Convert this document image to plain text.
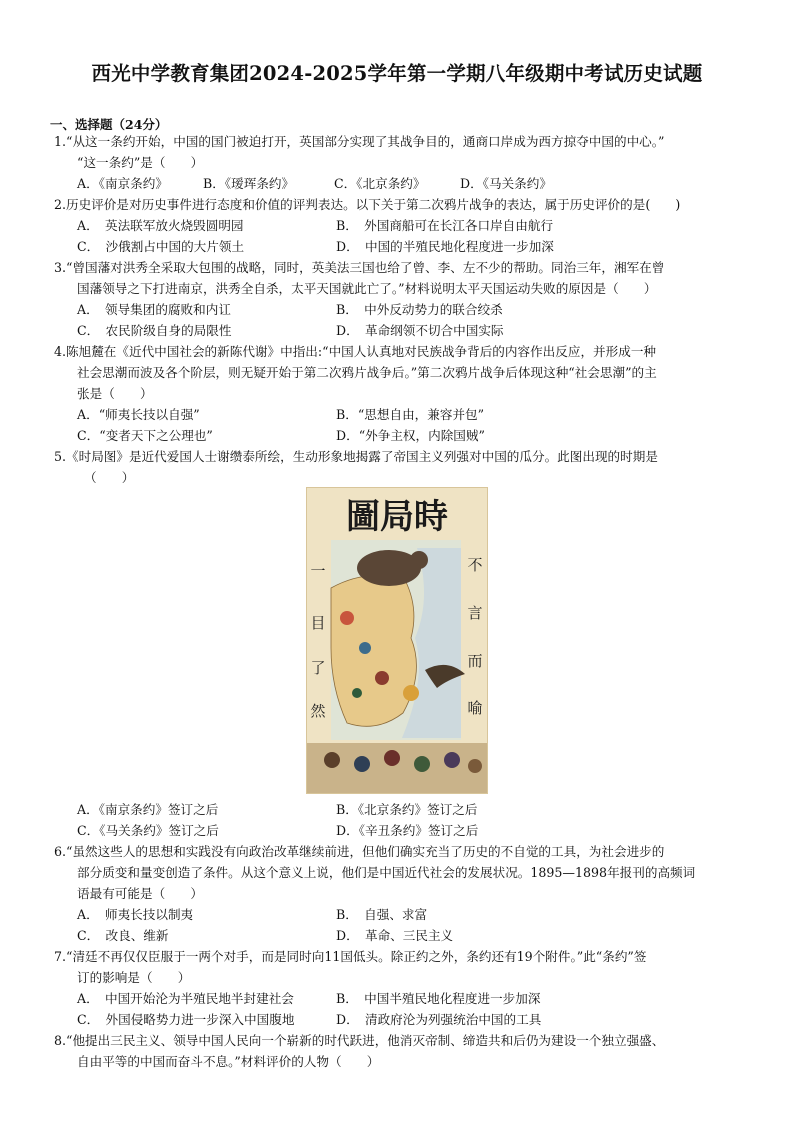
西光中学教育集团2024-2025学年第一学期八年级期中考试历史试题
一、选择题（24分）
1.“从这一条约开始，中国的国门被迫打开，英国部分实现了其战争目的，通商口岸成为西方掠夺中国的中心。”
“这一条约”是（　　）
A．《南京条约》	B．《瑷珲条约》	C．《北京条约》	D．《马关条约》
2.历史评价是对历史事件进行态度和价值的评判表达。以下关于第二次鸦片战争的表达，属于历史评价的是(　　)
A．　英法联军放火烧毁圆明园	B．　外国商船可在长江各口岸自由航行
C．　沙俄割占中国的大片领土	D．　中国的半殖民地化程度进一步加深
3.“曾国藩对洪秀全采取大包围的战略，同时，英美法三国也给了曾、李、左不少的帮助。同治三年，湘军在曾
国藩领导之下打进南京，洪秀全自杀，太平天国就此亡了。”材料说明太平天国运动失败的原因是（　　）
A．　领导集团的腐败和内讧	B．　中外反动势力的联合绞杀
C．　农民阶级自身的局限性	D．　革命纲领不切合中国实际
4.陈旭麓在《近代中国社会的新陈代谢》中指出:“中国人认真地对民族战争背后的内容作出反应，并形成一种
社会思潮而波及各个阶层，则无疑开始于第二次鸦片战争后。”第二次鸦片战争后体现这种“社会思潮”的主
张是（　　）
A．“师夷长技以自强”	B．“思想自由，兼容并包”
C．“变者天下之公理也”	D．“外争主权，内除国贼”
5.《时局图》是近代爱国人士谢缵泰所绘，生动形象地揭露了帝国主义列强对中国的瓜分。此图出现的时期是
（　　）
圖局時
一
目
了
然
不
言
而
喻
A．《南京条约》签订之后	B．《北京条约》签订之后
C．《马关条约》签订之后	D．《辛丑条约》签订之后
6.“虽然这些人的思想和实践没有向政治改革继续前进，但他们确实充当了历史的不自觉的工具，为社会进步的
部分质变和量变创造了条件。从这个意义上说，他们是中国近代社会的发展状况。1895—1898年报刊的高频词
语最有可能是（　　）
A．　师夷长技以制夷	B．　自强、求富
C．　改良、维新	D．　革命、三民主义
7.“清廷不再仅仅臣服于一两个对手，而是同时向11国低头。除正约之外，条约还有19个附件。”此“条约”签
订的影响是（　　）
A．　中国开始沦为半殖民地半封建社会	B．　中国半殖民地化程度进一步加深
C．　外国侵略势力进一步深入中国腹地	D．　清政府沦为列强统治中国的工具
8.“他提出三民主义、领导中国人民向一个崭新的时代跃进，他消灭帝制、缔造共和后仍为建设一个独立强盛、
自由平等的中国而奋斗不息。”材料评价的人物（　　）
